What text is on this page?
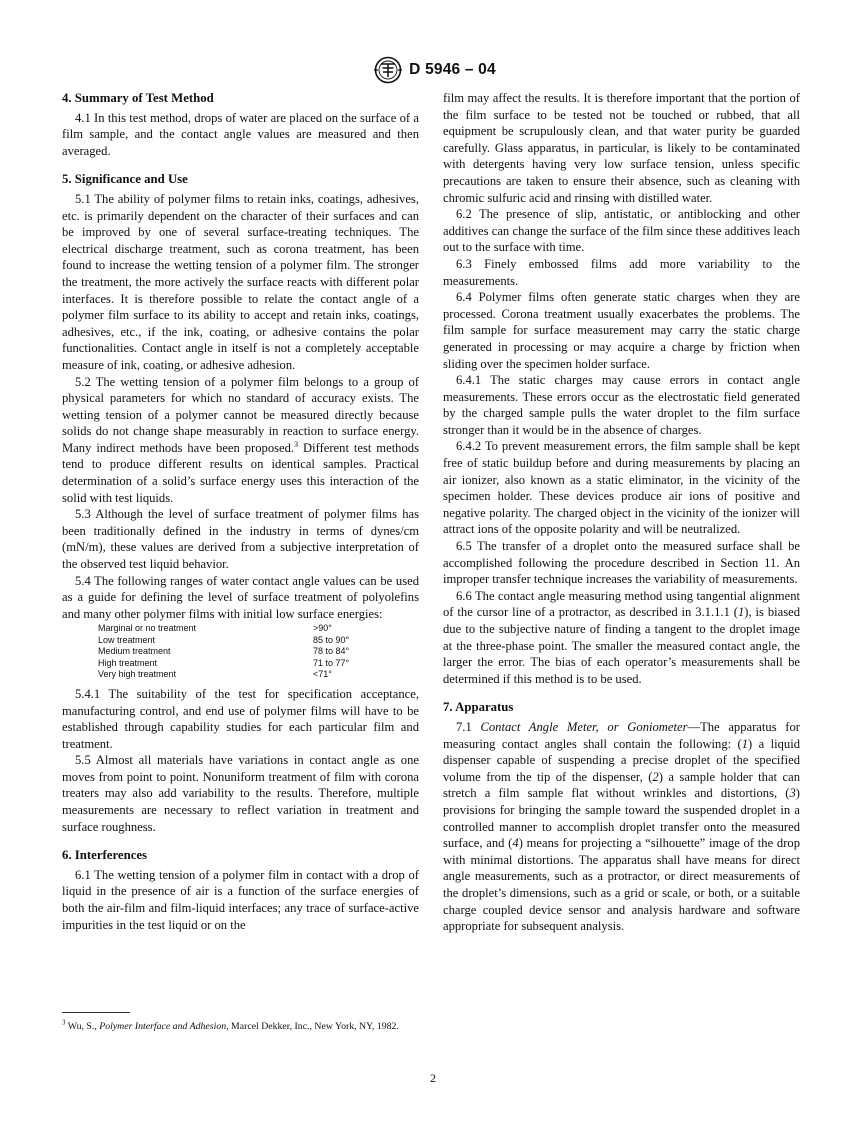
D 5946 – 04
4. Summary of Test Method

4.1 In this test method, drops of water are placed on the surface of a film sample, and the contact angle values are measured and then averaged.

5. Significance and Use

5.1 The ability of polymer films to retain inks, coatings, adhesives, etc. is primarily dependent on the character of their surfaces and can be improved by one of several surface-treating techniques. The electrical discharge treatment, such as corona treatment, has been found to increase the wetting tension of a polymer film. The stronger the treatment, the more actively the surface reacts with different polar interfaces. It is therefore possible to relate the contact angle of a polymer film surface to its ability to accept and retain inks, coatings, adhesives, etc., if the ink, coating, or adhesive contains the polar functionalities. Contact angle in itself is not a completely acceptable measure of ink, coating, or adhesive adhesion.

5.2 The wetting tension of a polymer film belongs to a group of physical parameters for which no standard of accuracy exists. The wetting tension of a polymer cannot be measured directly because solids do not change shape measurably in reaction to surface energy. Many indirect methods have been proposed.$^3$ Different test methods tend to produce different results on identical samples. Practical determination of a solid’s surface energy uses this interaction of the solid with test liquids.

5.3 Although the level of surface treatment of polymer films has been traditionally defined in the industry in terms of dynes/cm (mN/m), these values are derived from a subjective interpretation of the observed test liquid behavior.

5.4 The following ranges of water contact angle values can be used as a guide for defining the level of surface treatment of polyolefins and many other polymer films with initial low surface energies:

Marginal or no treatment	>90°
Low treatment	85 to 90°
Medium treatment	78 to 84°
High treatment	71 to 77°
Very high treatment	<71°

5.4.1 The suitability of the test for specification acceptance, manufacturing control, and end use of polymer films will have to be established through capability studies for each particular film and treatment.

5.5 Almost all materials have variations in contact angle as one moves from point to point. Nonuniform treatment of film with corona treaters may also add variability to the results. Therefore, multiple measurements are necessary to reflect variation in treatment and surface roughness.

6. Interferences

6.1 The wetting tension of a polymer film in contact with a drop of liquid in the presence of air is a function of the surface energies of both the air-film and film-liquid interfaces; any trace of surface-active impurities in the test liquid or on the

$^3$ Wu, S., Polymer Interface and Adhesion, Marcel Dekker, Inc., New York, NY, 1982.

film may affect the results. It is therefore important that the portion of the film surface to be tested not be touched or rubbed, that all equipment be scrupulously clean, and that water purity be guarded carefully. Glass apparatus, in particular, is likely to be contaminated with detergents having very low surface tension, unless specific precautions are taken to ensure their absence, such as cleaning with chromic sulfuric acid and rinsing with distilled water.

6.2 The presence of slip, antistatic, or antiblocking and other additives can change the surface of the film since these additives leach out to the surface with time.

6.3 Finely embossed films add more variability to the measurements.

6.4 Polymer films often generate static charges when they are processed. Corona treatment usually exacerbates the problems. The film sample for surface measurement may carry the static charge generated in processing or may acquire a charge by friction when sliding over the specimen holder surface.

6.4.1 The static charges may cause errors in contact angle measurements. These errors occur as the electrostatic field generated by the charged sample pulls the water droplet to the film surface stronger than it would be in the absence of charges.

6.4.2 To prevent measurement errors, the film sample shall be kept free of static buildup before and during measurements by placing an air ionizer, also known as a static eliminator, in the vicinity of the specimen holder. These devices produce air ions of positive and negative polarity. The charged object in the vicinity of the ionizer will attract ions of the opposite polarity and will be neutralized.

6.5 The transfer of a droplet onto the measured surface shall be accomplished following the procedure described in Section 11. An improper transfer technique increases the variability of measurements.

6.6 The contact angle measuring method using tangential alignment of the cursor line of a protractor, as described in 3.1.1.1 (1), is biased due to the subjective nature of finding a tangent to the droplet image at the three-phase point. The smaller the measured contact angle, the larger the error. The bias of each operator’s measurements shall be determined if this method is to be used.

7. Apparatus

7.1 Contact Angle Meter, or Goniometer—The apparatus for measuring contact angles shall contain the following: (1) a liquid dispenser capable of suspending a precise droplet of the specified volume from the tip of the dispenser, (2) a sample holder that can stretch a film sample flat without wrinkles and distortions, (3) provisions for bringing the sample toward the suspended droplet in a controlled manner to accomplish droplet transfer onto the measured surface, and (4) means for projecting a “silhouette” image of the drop with minimal distortions. The apparatus shall have means for direct angle measurements, such as a protractor, or direct measurements of the droplet’s dimensions, such as a grid or scale, or both, or a suitable charge coupled device sensor and analysis hardware and software appropriate for subsequent analysis.

2
